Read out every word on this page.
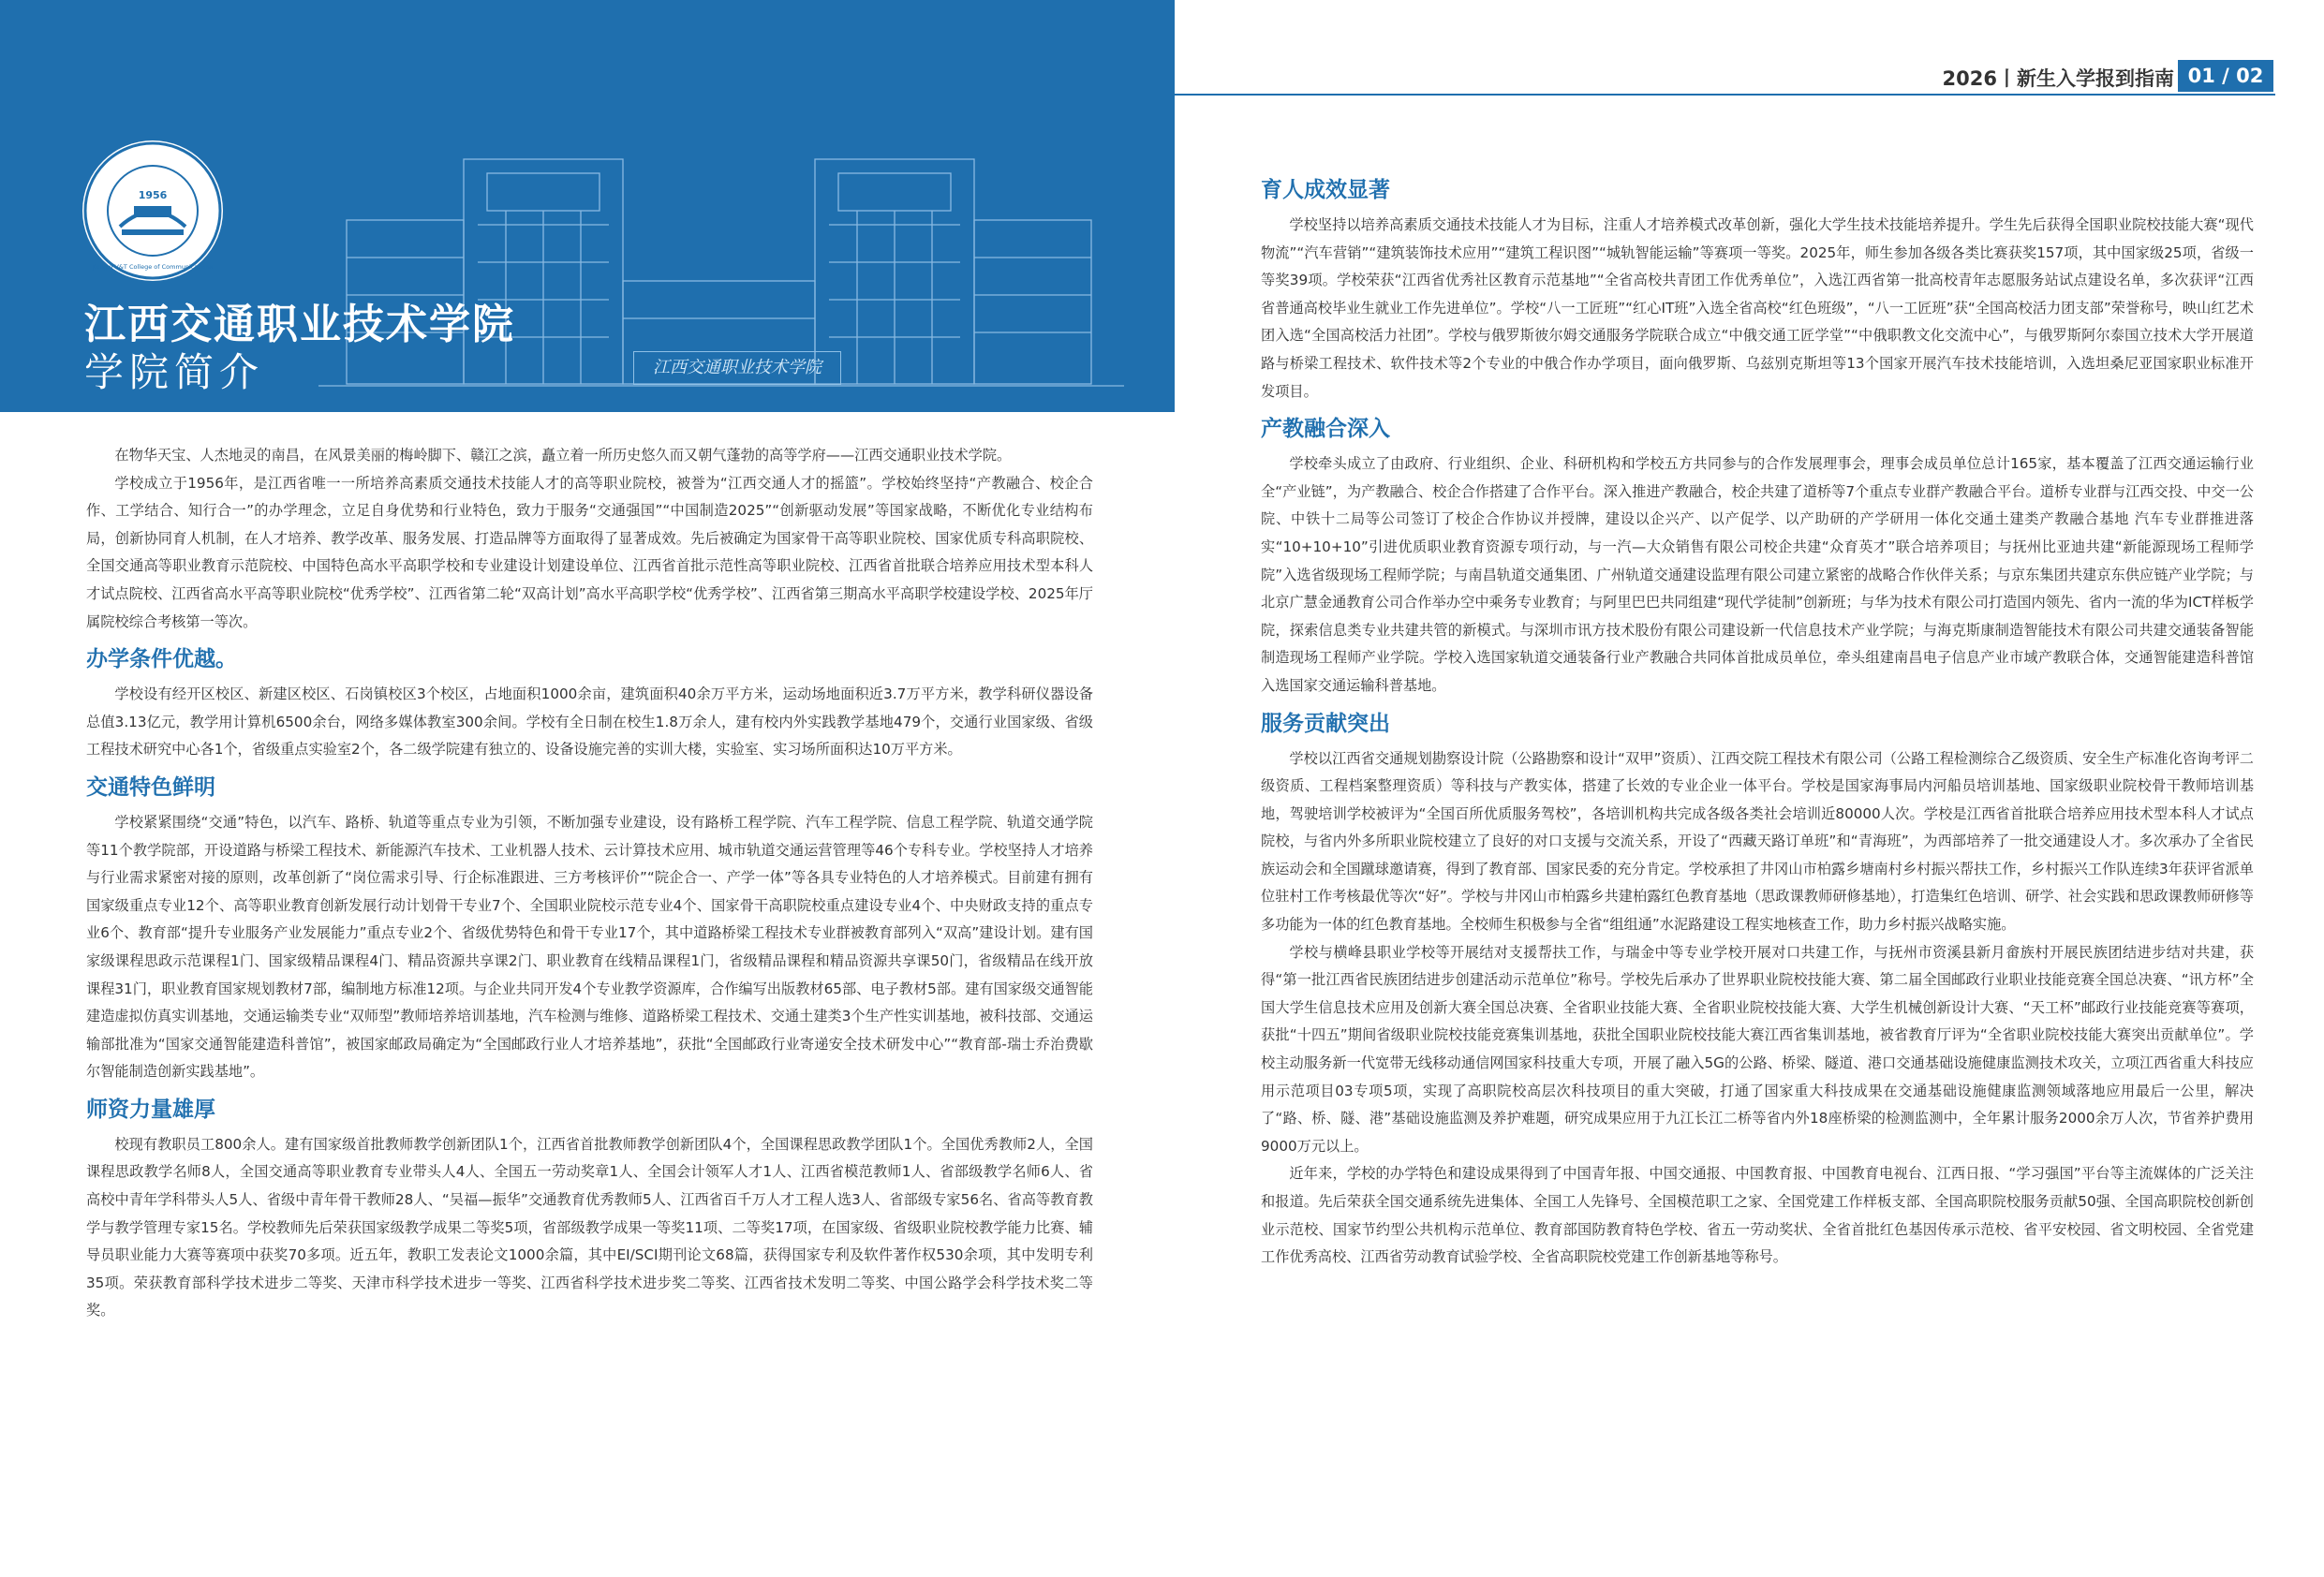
1956
Jiangxi V&T College of Communications
江西交通职业技术学院
学院简介	江西交通职业技术学院
2026丨新生入学报到指南 01 / 02

在物华天宝、人杰地灵的南昌，在风景美丽的梅岭脚下、赣江之滨，矗立着一所历史悠久而又朝气蓬勃的高等学府——江西交通职业技术学院。

学校成立于1956年，是江西省唯一一所培养高素质交通技术技能人才的高等职业院校，被誉为“江西交通人才的摇篮”。学校始终坚持“产教融合、校企合作、工学结合、知行合一”的办学理念，立足自身优势和行业特色，致力于服务“交通强国”“中国制造2025”“创新驱动发展”等国家战略，不断优化专业结构布局，创新协同育人机制，在人才培养、教学改革、服务发展、打造品牌等方面取得了显著成效。先后被确定为国家骨干高等职业院校、国家优质专科高职院校、全国交通高等职业教育示范院校、中国特色高水平高职学校和专业建设计划建设单位、江西省首批示范性高等职业院校、江西省首批联合培养应用技术型本科人才试点院校、江西省高水平高等职业院校“优秀学校”、江西省第二轮“双高计划”高水平高职学校“优秀学校”、江西省第三期高水平高职学校建设学校、2025年厅属院校综合考核第一等次。

办学条件优越。

学校设有经开区校区、新建区校区、石岗镇校区3个校区，占地面积1000余亩，建筑面积40余万平方米，运动场地面积近3.7万平方米，教学科研仪器设备总值3.13亿元，教学用计算机6500余台，网络多媒体教室300余间。学校有全日制在校生1.8万余人，建有校内外实践教学基地479个，交通行业国家级、省级工程技术研究中心各1个，省级重点实验室2个，各二级学院建有独立的、设备设施完善的实训大楼，实验室、实习场所面积达10万平方米。

交通特色鲜明

学校紧紧围绕“交通”特色，以汽车、路桥、轨道等重点专业为引领，不断加强专业建设，设有路桥工程学院、汽车工程学院、信息工程学院、轨道交通学院等11个教学院部，开设道路与桥梁工程技术、新能源汽车技术、工业机器人技术、云计算技术应用、城市轨道交通运营管理等46个专科专业。学校坚持人才培养与行业需求紧密对接的原则，改革创新了“岗位需求引导、行企标准跟进、三方考核评价”“院企合一、产学一体”等各具专业特色的人才培养模式。目前建有拥有国家级重点专业12个、高等职业教育创新发展行动计划骨干专业7个、全国职业院校示范专业4个、国家骨干高职院校重点建设专业4个、中央财政支持的重点专业6个、教育部“提升专业服务产业发展能力”重点专业2个、省级优势特色和骨干专业17个，其中道路桥梁工程技术专业群被教育部列入“双高”建设计划。建有国家级课程思政示范课程1门、国家级精品课程4门、精品资源共享课2门、职业教育在线精品课程1门，省级精品课程和精品资源共享课50门，省级精品在线开放课程31门，职业教育国家规划教材7部，编制地方标准12项。与企业共同开发4个专业教学资源库，合作编写出版教材65部、电子教材5部。建有国家级交通智能建造虚拟仿真实训基地，交通运输类专业“双师型”教师培养培训基地，汽车检测与维修、道路桥梁工程技术、交通土建类3个生产性实训基地，被科技部、交通运输部批准为“国家交通智能建造科普馆”，被国家邮政局确定为“全国邮政行业人才培养基地”，获批“全国邮政行业寄递安全技术研发中心”“教育部-瑞士乔治费歇尔智能制造创新实践基地”。

师资力量雄厚

校现有教职员工800余人。建有国家级首批教师教学创新团队1个，江西省首批教师教学创新团队4个，全国课程思政教学团队1个。全国优秀教师2人，全国课程思政教学名师8人，全国交通高等职业教育专业带头人4人、全国五一劳动奖章1人、全国会计领军人才1人、江西省模范教师1人、省部级教学名师6人、省高校中青年学科带头人5人、省级中青年骨干教师28人、“吴福—振华”交通教育优秀教师5人、江西省百千万人才工程人选3人、省部级专家56名、省高等教育教学与教学管理专家15名。学校教师先后荣获国家级教学成果二等奖5项，省部级教学成果一等奖11项、二等奖17项，在国家级、省级职业院校教学能力比赛、辅导员职业能力大赛等赛项中获奖70多项。近五年，教职工发表论文1000余篇，其中EI/SCI期刊论文68篇，获得国家专利及软件著作权530余项，其中发明专利35项。荣获教育部科学技术进步二等奖、天津市科学技术进步一等奖、江西省科学技术进步奖二等奖、江西省技术发明二等奖、中国公路学会科学技术奖二等奖。

育人成效显著

学校坚持以培养高素质交通技术技能人才为目标，注重人才培养模式改革创新，强化大学生技术技能培养提升。学生先后获得全国职业院校技能大赛“现代物流”“汽车营销”“建筑装饰技术应用”“建筑工程识图”“城轨智能运输”等赛项一等奖。2025年，师生参加各级各类比赛获奖157项，其中国家级25项，省级一等奖39项。学校荣获“江西省优秀社区教育示范基地”“全省高校共青团工作优秀单位”，入选江西省第一批高校青年志愿服务站试点建设名单，多次获评“江西省普通高校毕业生就业工作先进单位”。学校“八一工匠班”“红心IT班”入选全省高校“红色班级”，“八一工匠班”获“全国高校活力团支部”荣誉称号，映山红艺术团入选“全国高校活力社团”。学校与俄罗斯彼尔姆交通服务学院联合成立“中俄交通工匠学堂”“中俄职教文化交流中心”，与俄罗斯阿尔泰国立技术大学开展道路与桥梁工程技术、软件技术等2个专业的中俄合作办学项目，面向俄罗斯、乌兹别克斯坦等13个国家开展汽车技术技能培训，入选坦桑尼亚国家职业标准开发项目。

产教融合深入

学校牵头成立了由政府、行业组织、企业、科研机构和学校五方共同参与的合作发展理事会，理事会成员单位总计165家，基本覆盖了江西交通运输行业全“产业链”，为产教融合、校企合作搭建了合作平台。深入推进产教融合，校企共建了道桥等7个重点专业群产教融合平台。道桥专业群与江西交投、中交一公院、中铁十二局等公司签订了校企合作协议并授牌，建设以企兴产、以产促学、以产助研的产学研用一体化交通土建类产教融合基地 汽车专业群推进落实“10+10+10”引进优质职业教育资源专项行动，与一汽—大众销售有限公司校企共建“众育英才”联合培养项目；与抚州比亚迪共建“新能源现场工程师学院”入选省级现场工程师学院；与南昌轨道交通集团、广州轨道交通建设监理有限公司建立紧密的战略合作伙伴关系；与京东集团共建京东供应链产业学院；与北京广慧金通教育公司合作举办空中乘务专业教育；与阿里巴巴共同组建“现代学徒制”创新班；与华为技术有限公司打造国内领先、省内一流的华为ICT样板学院，探索信息类专业共建共管的新模式。与深圳市讯方技术股份有限公司建设新一代信息技术产业学院；与海克斯康制造智能技术有限公司共建交通装备智能制造现场工程师产业学院。学校入选国家轨道交通装备行业产教融合共同体首批成员单位，牵头组建南昌电子信息产业市域产教联合体，交通智能建造科普馆入选国家交通运输科普基地。

服务贡献突出

学校以江西省交通规划勘察设计院（公路勘察和设计“双甲”资质）、江西交院工程技术有限公司（公路工程检测综合乙级资质、安全生产标准化咨询考评二级资质、工程档案整理资质）等科技与产教实体，搭建了长效的专业企业一体平台。学校是国家海事局内河船员培训基地、国家级职业院校骨干教师培训基地，驾驶培训学校被评为“全国百所优质服务驾校”，各培训机构共完成各级各类社会培训近80000人次。学校是江西省首批联合培养应用技术型本科人才试点院校，与省内外多所职业院校建立了良好的对口支援与交流关系，开设了“西藏天路订单班”和“青海班”，为西部培养了一批交通建设人才。多次承办了全省民族运动会和全国蹴球邀请赛，得到了教育部、国家民委的充分肯定。学校承担了井冈山市柏露乡塘南村乡村振兴帮扶工作，乡村振兴工作队连续3年获评省派单位驻村工作考核最优等次“好”。学校与井冈山市柏露乡共建柏露红色教育基地（思政课教师研修基地），打造集红色培训、研学、社会实践和思政课教师研修等多功能为一体的红色教育基地。全校师生积极参与全省“组组通”水泥路建设工程实地核查工作，助力乡村振兴战略实施。

学校与横峰县职业学校等开展结对支援帮扶工作，与瑞金中等专业学校开展对口共建工作，与抚州市资溪县新月畲族村开展民族团结进步结对共建，获得“第一批江西省民族团结进步创建活动示范单位”称号。学校先后承办了世界职业院校技能大赛、第二届全国邮政行业职业技能竞赛全国总决赛、“讯方杯”全国大学生信息技术应用及创新大赛全国总决赛、全省职业技能大赛、全省职业院校技能大赛、大学生机械创新设计大赛、“天工杯”邮政行业技能竞赛等赛项，获批“十四五”期间省级职业院校技能竞赛集训基地，获批全国职业院校技能大赛江西省集训基地，被省教育厅评为“全省职业院校技能大赛突出贡献单位”。学校主动服务新一代宽带无线移动通信网国家科技重大专项，开展了融入5G的公路、桥梁、隧道、港口交通基础设施健康监测技术攻关，立项江西省重大科技应用示范项目03专项5项，实现了高职院校高层次科技项目的重大突破，打通了国家重大科技成果在交通基础设施健康监测领域落地应用最后一公里，解决了“路、桥、隧、港”基础设施监测及养护难题，研究成果应用于九江长江二桥等省内外18座桥梁的检测监测中，全年累计服务2000余万人次，节省养护费用9000万元以上。

近年来，学校的办学特色和建设成果得到了中国青年报、中国交通报、中国教育报、中国教育电视台、江西日报、“学习强国”平台等主流媒体的广泛关注和报道。先后荣获全国交通系统先进集体、全国工人先锋号、全国模范职工之家、全国党建工作样板支部、全国高职院校服务贡献50强、全国高职院校创新创业示范校、国家节约型公共机构示范单位、教育部国防教育特色学校、省五一劳动奖状、全省首批红色基因传承示范校、省平安校园、省文明校园、全省党建工作优秀高校、江西省劳动教育试验学校、全省高职院校党建工作创新基地等称号。
